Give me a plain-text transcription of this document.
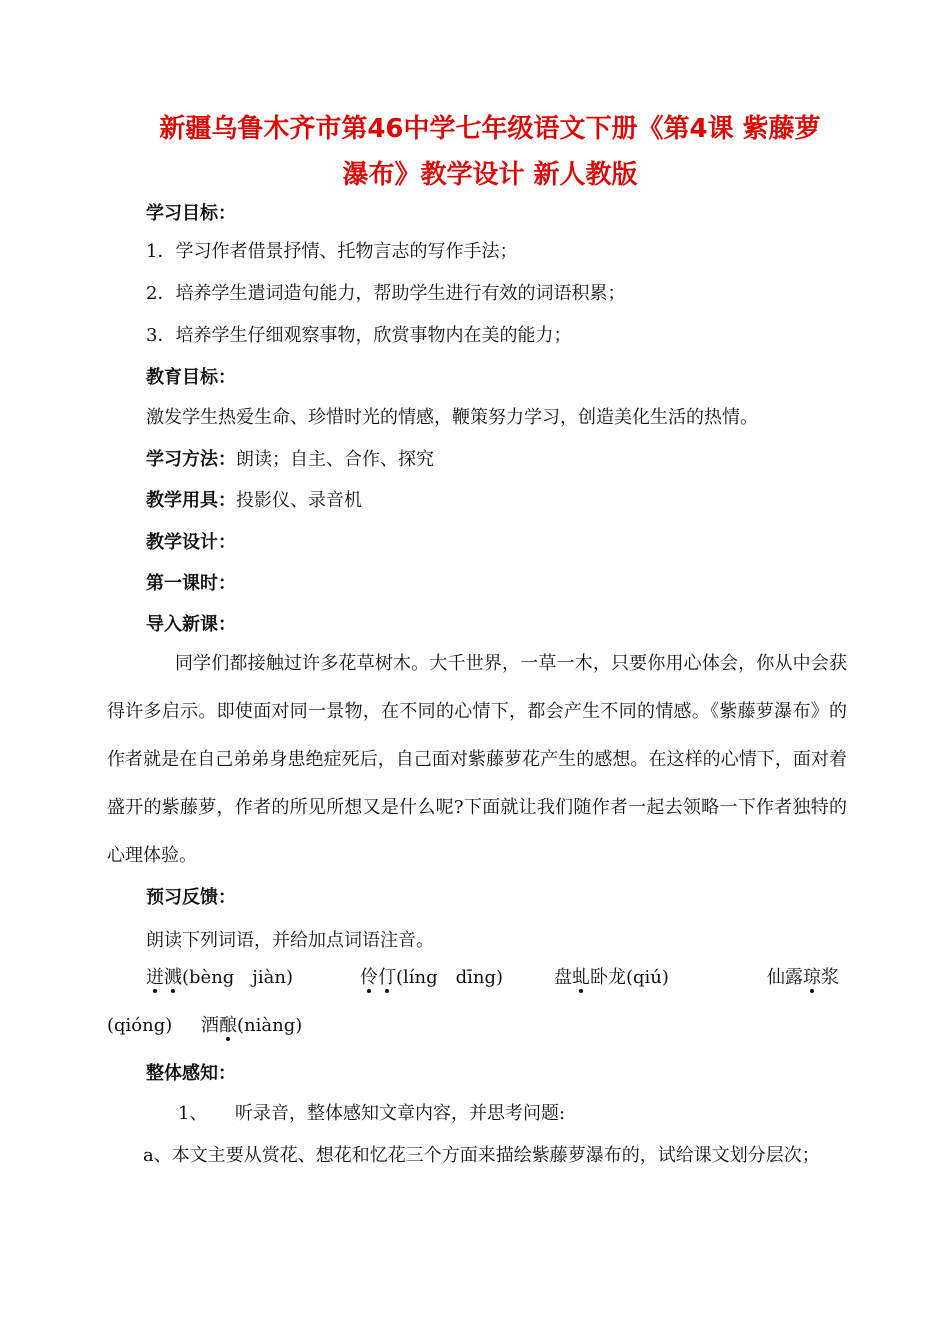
新疆乌鲁木齐市第46中学七年级语文下册《第4课 紫藤萝
瀑布》教学设计 新人教版
学习目标：
1．学习作者借景抒情、托物言志的写作手法；
2．培养学生遣词造句能力，帮助学生进行有效的词语积累；
3．培养学生仔细观察事物，欣赏事物内在美的能力；
教育目标：
激发学生热爱生命、珍惜时光的情感，鞭策努力学习，创造美化生活的热情。
学习方法：朗读；自主、合作、探究
教学用具：投影仪、录音机
教学设计：
第一课时：
导入新课：
同学们都接触过许多花草树木。大千世界，一草一木，只要你用心体会，你从中会获得许多启示。即使面对同一景物，在不同的心情下，都会产生不同的情感。《紫藤萝瀑布》的作者就是在自己弟弟身患绝症死后，自己面对紫藤萝花产生的感想。在这样的心情下，面对着盛开的紫藤萝，作者的所见所想又是什么呢?下面就让我们随作者一起去领略一下作者独特的心理体验。
预习反馈：
朗读下列词语，并给加点词语注音。
迸溅(bèng　jiàn)	伶仃(líng　dīng)	盘虬卧龙(qiú)	仙露琼浆
(qióng) 酒酿(niàng)
整体感知：
1、 听录音，整体感知文章内容，并思考问题:
a、本文主要从赏花、想花和忆花三个方面来描绘紫藤萝瀑布的，试给课文划分层次；
